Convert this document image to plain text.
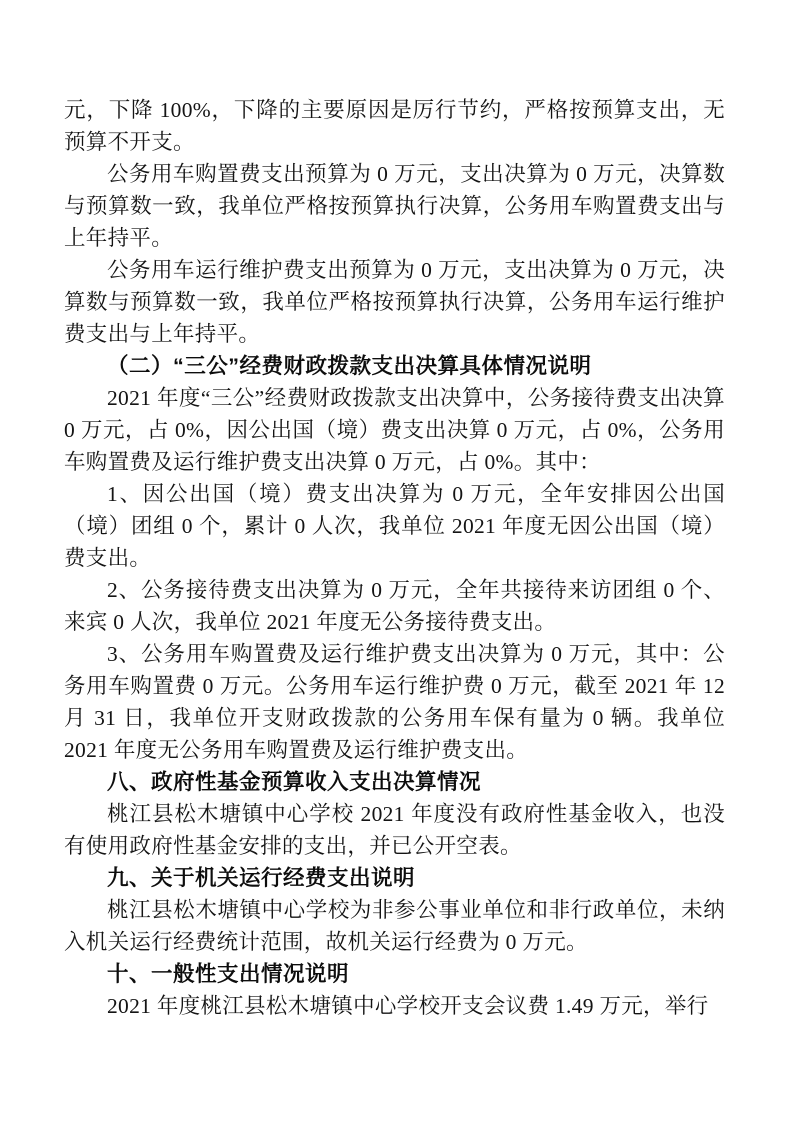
元，下降 100%，下降的主要原因是厉行节约，严格按预算支出，无预算不开支。

公务用车购置费支出预算为 0 万元，支出决算为 0 万元，决算数与预算数一致，我单位严格按预算执行决算，公务用车购置费支出与上年持平。

公务用车运行维护费支出预算为 0 万元，支出决算为 0 万元，决算数与预算数一致，我单位严格按预算执行决算，公务用车运行维护费支出与上年持平。

（二）“三公”经费财政拨款支出决算具体情况说明

2021 年度“三公”经费财政拨款支出决算中，公务接待费支出决算 0 万元，占 0%，因公出国（境）费支出决算 0 万元，占 0%，公务用车购置费及运行维护费支出决算 0 万元，占 0%。其中：

1、因公出国（境）费支出决算为 0 万元，全年安排因公出国（境）团组 0 个，累计 0 人次，我单位 2021 年度无因公出国（境）费支出。

2、公务接待费支出决算为 0 万元，全年共接待来访团组 0 个、来宾 0 人次，我单位 2021 年度无公务接待费支出。

3、公务用车购置费及运行维护费支出决算为 0 万元，其中：公务用车购置费 0 万元。公务用车运行维护费 0 万元，截至 2021 年 12 月 31 日，我单位开支财政拨款的公务用车保有量为 0 辆。我单位 2021 年度无公务用车购置费及运行维护费支出。

八、政府性基金预算收入支出决算情况

桃江县松木塘镇中心学校 2021 年度没有政府性基金收入，也没有使用政府性基金安排的支出，并已公开空表。

九、关于机关运行经费支出说明

桃江县松木塘镇中心学校为非参公事业单位和非行政单位，未纳入机关运行经费统计范围，故机关运行经费为 0 万元。

十、一般性支出情况说明

2021 年度桃江县松木塘镇中心学校开支会议费 1.49 万元，举行
